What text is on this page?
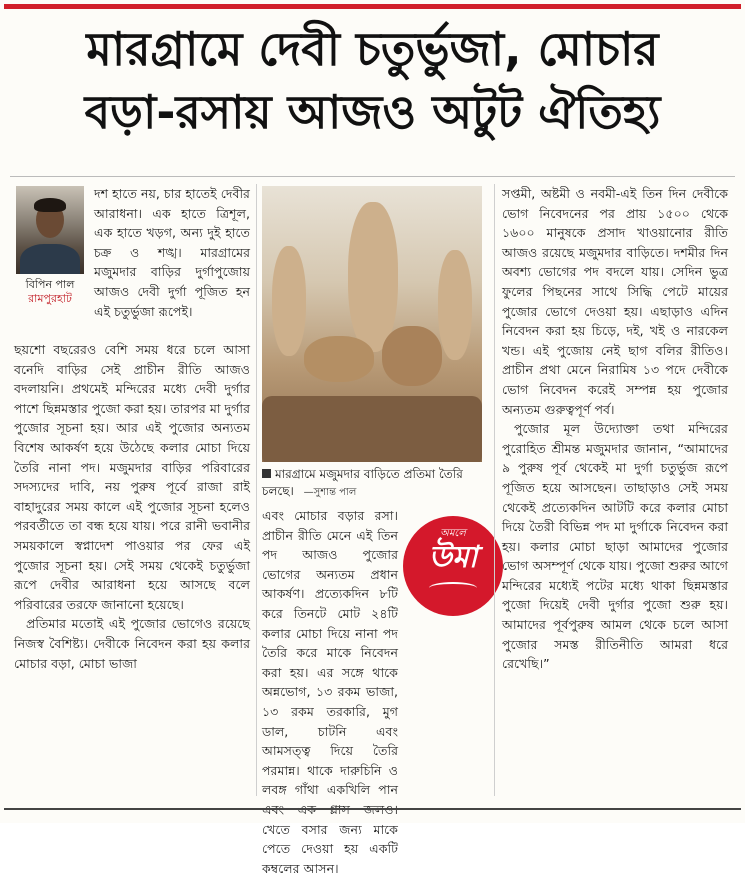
মারগ্রামে দেবী চতুর্ভুজা, মোচার
বড়া-রসায় আজও অটুট ঐতিহ্য
বিপিন পাল
রামপুরহাট

দশ হাতে নয়, চার হাতেই দেবীর আরাধনা। এক হাতে ত্রিশূল, এক হাতে খড়গ, অন্য দুই হাতে চক্র ও শঙ্খ। মারগ্রামের মজুমদার বাড়ির দুর্গাপুজোয় আজও দেবী দুর্গা পূজিত হন এই চতুর্ভুজা রূপেই।

ছয়শো বছরেরও বেশি সময় ধরে চলে আসা বনেদি বাড়ির সেই প্রাচীন রীতি আজও বদলায়নি। প্রথমেই মন্দিরের মধ্যে দেবী দুর্গার পাশে ছিন্নমস্তার পুজো করা হয়। তারপর মা দুর্গার পুজোর সূচনা হয়। আর এই পুজোর অন্যতম বিশেষ আকর্ষণ হয়ে উঠেছে কলার মোচা দিয়ে তৈরি নানা পদ। মজুমদার বাড়ির পরিবারের সদস্যদের দাবি, নয় পুরুষ পূর্বে রাজা রাই বাহাদুরের সময় কালে এই পুজোর সূচনা হলেও পরবর্তীতে তা বন্ধ হয়ে যায়। পরে রানী ভবানীর সময়কালে স্বপ্নাদেশ পাওয়ার পর ফের এই পুজোর সূচনা হয়। সেই সময় থেকেই চতুর্ভুজা রূপে দেবীর আরাধনা হয়ে আসছে বলে পরিবারের তরফে জানানো হয়েছে।

প্রতিমার মতোই এই পুজোর ভোগেও রয়েছে নিজস্ব বৈশিষ্ট্য। দেবীকে নিবেদন করা হয় কলার মোচার বড়া, মোচা ভাজা

মারগ্রামে মজুমদার বাড়িতে প্রতিমা তৈরি চলছে। —সুশান্ত পাল

এবং মোচার বড়ার রসা। প্রাচীন রীতি মেনে এই তিন পদ আজও পুজোর ভোগের অন্যতম প্রধান আকর্ষণ। প্রত্যেকদিন ৮টি করে তিনটে মোট ২৪টি কলার মোচা দিয়ে নানা পদ তৈরি করে মাকে নিবেদন করা হয়। এর সঙ্গে থাকে অন্নভোগ, ১৩ রকম ভাজা, ১৩ রকম তরকারি, মুগ ডাল, চাটনি এবং আমসত্ত্ব দিয়ে তৈরি পরমান্ন। থাকে দারুচিনি ও লবঙ্গ গাঁথা একখিলি পান খেতে বসার জন্য মাকে পেতে দেওয়া হয় একটি কম্বলের আসন।

অমলে
উমা

সপ্তমী, অষ্টমী ও নবমী-এই তিন দিন দেবীকে ভোগ নিবেদনের পর প্রায় ১৫০০ থেকে ১৬০০ মানুষকে প্রসাদ খাওয়ানোর রীতি আজও রয়েছে মজুমদার বাড়িতে। দশমীর দিন অবশ্য ভোগের পদ বদলে যায়। সেদিন ভুত্র ফুলের পিছনের সাথে সিদ্ধি পেটে মায়ের পুজোর ভোগে দেওয়া হয়। এছাড়াও এদিন নিবেদন করা হয় চিড়ে, দই, খই ও নারকেল খন্ড। এই পুজোয় নেই ছাগ বলির রীতিও। প্রাচীন প্রথা মেনে নিরামিষ ১৩ পদে দেবীকে ভোগ নিবেদন করেই সম্পন্ন হয় পুজোর অন্যতম গুরুত্বপূর্ণ পর্ব।

পুজোর মূল উদ্যোক্তা তথা মন্দিরের পুরোহিত শ্রীমন্ত মজুমদার জানান, “আমাদের ৯ পুরুষ পূর্ব থেকেই মা দুর্গা চতুর্ভুজ রূপে পূজিত হয়ে আসছেন। তাছাড়াও সেই সময় থেকেই প্রত্যেকদিন আটটি করে কলার মোচা দিয়ে তৈরী বিভিন্ন পদ মা দুর্গাকে নিবেদন করা হয়। কলার মোচা ছাড়া আমাদের পুজোর ভোগ অসম্পূর্ণ থেকে যায়। পুজো শুরুর আগে মন্দিরের মধ্যেই পটের মধ্যে থাকা ছিন্নমস্তার পুজো দিয়েই দেবী দুর্গার পুজো শুরু হয়। আমাদের পূর্বপুরুষ আমল থেকে চলে আসা পুজোর সমস্ত রীতিনীতি আমরা ধরে রেখেছি।”
